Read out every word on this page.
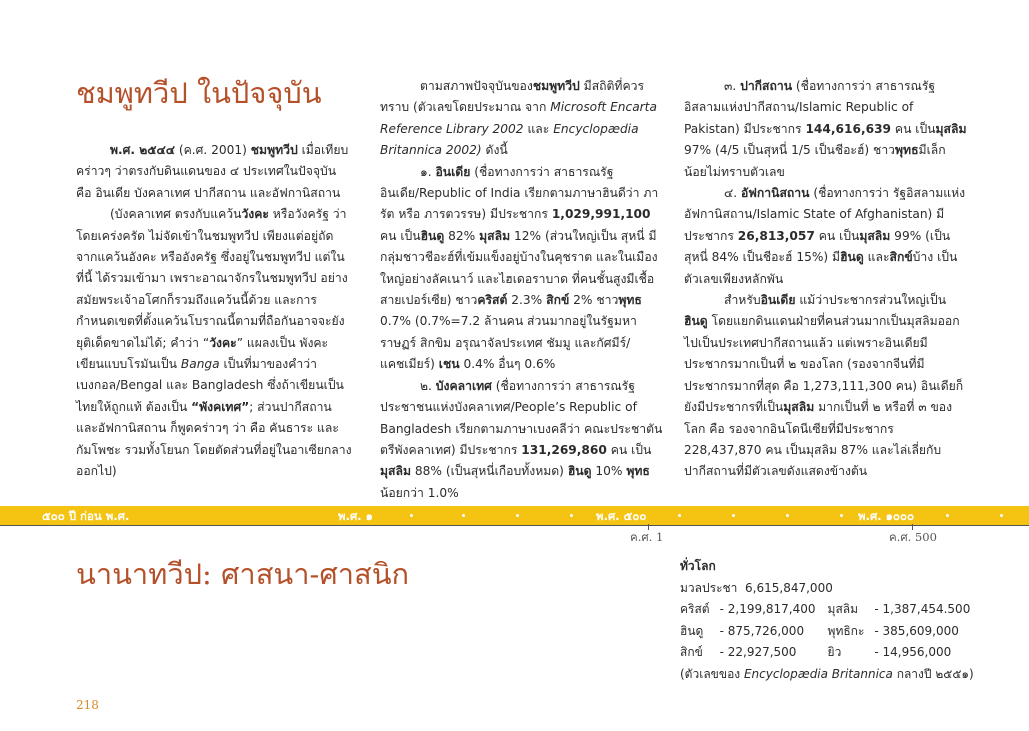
ชมพูทวีป ในปัจจุบัน

พ.ศ. ๒๕๔๔ (ค.ศ. 2001) ชมพูทวีป เมื่อเทียบคร่าวๆ ว่าตรงกับดินแดนของ ๔ ประเทศในปัจจุบัน คือ อินเดีย บังคลาเทศ ปากีสถาน และอัฟกานิสถาน

(บังคลาเทศ ตรงกับแคว้นวังคะ หรือวังครัฐ ว่า โดยเคร่งครัด ไม่จัดเข้าในชมพูทวีป เพียงแต่อยู่ถัดจากแคว้นอังคะ หรืออังครัฐ ซึ่งอยู่ในชมพูทวีป แต่ในที่นี้ ได้รวมเข้ามา เพราะอาณาจักรในชมพูทวีป อย่างสมัยพระเจ้าอโศกก็รวมถึงแคว้นนี้ด้วย และการกำหนดเขตที่ตั้งแคว้นโบราณนี้ตามที่ถือกันอาจจะยังยุติเด็ดขาดไม่ได้; คำว่า “วังคะ” แผลงเป็น พังคะ เขียนแบบโรมันเป็น Banga เป็นที่มาของคำว่า เบงกอล/Bengal และ Bangladesh ซึ่งถ้าเขียนเป็นไทยให้ถูกแท้ ต้องเป็น “พังคเทศ”; ส่วนปากีสถาน และอัฟกานิสถาน ก็พูดคร่าวๆ ว่า คือ คันธาระ และกัมโพชะ รวมทั้งโยนก โดยตัดส่วนที่อยู่ในอาเซียกลางออกไป)

ตามสภาพปัจจุบันของชมพูทวีป มีสถิติที่ควรทราบ (ตัวเลขโดยประมาณ จาก Microsoft Encarta Reference Library 2002 และ Encyclopædia Britannica 2002) ดังนี้

๑. อินเดีย (ชื่อทางการว่า สาธารณรัฐอินเดีย/Republic of India เรียกตามภาษาฮินดีว่า ภารัต หรือ ภารตวรรษ) มีประชากร 1,029,991,100 คน เป็นฮินดู 82% มุสลิม 12% (ส่วนใหญ่เป็น สุหนี่ มีกลุ่มชาวชีอะฮ์ที่เข้มแข็งอยู่บ้างในคุชราต และในเมืองใหญ่อย่างลัคเนาว์ และไฮเดอราบาด ที่คนชั้นสูงมีเชื้อสายเปอร์เซีย) ชาวคริสต์ 2.3% สิกข์ 2% ชาวพุทธ 0.7% (0.7%=7.2 ล้านคน ส่วนมากอยู่ในรัฐมหาราษฏร์ สิกขิม อรุณาจัลประเทศ ชัมมู และกัศมีร์/แคชเมียร์) เชน 0.4% อื่นๆ 0.6%

๒. บังคลาเทศ (ชื่อทางการว่า สาธารณรัฐประชาชนแห่งบังคลาเทศ/People’s Republic of Bangladesh เรียกตามภาษาเบงคลีว่า คณะประชาตันตรีพังคลาเทศ) มีประชากร 131,269,860 คน เป็นมุสลิม 88% (เป็นสุหนี่เกือบทั้งหมด) ฮินดู 10% พุทธ น้อยกว่า 1.0%

๓. ปากีสถาน (ชื่อทางการว่า สาธารณรัฐอิสลามแห่งปากีสถาน/Islamic Republic of Pakistan) มีประชากร 144,616,639 คน เป็นมุสลิม 97% (4/5 เป็นสุหนี่ 1/5 เป็นชีอะฮ์) ชาวพุทธมีเล็กน้อยไม่ทราบตัวเลข

๔. อัฟกานิสถาน (ชื่อทางการว่า รัฐอิสลามแห่งอัฟกานิสถาน/Islamic State of Afghanistan) มีประชากร 26,813,057 คน เป็นมุสลิม 99% (เป็นสุหนี่ 84% เป็นชีอะฮ์ 15%) มีฮินดู และสิกข์บ้าง เป็นตัวเลขเพียงหลักพัน

สำหรับอินเดีย แม้ว่าประชากรส่วนใหญ่เป็นฮินดู โดยแยกดินแดนฝ่ายที่คนส่วนมากเป็นมุสลิมออกไปเป็นประเทศปากีสถานแล้ว แต่เพราะอินเดียมีประชากรมากเป็นที่ ๒ ของโลก (รองจากจีนที่มีประชากรมากที่สุด คือ 1,273,111,300 คน) อินเดียก็ยังมีประชากรที่เป็นมุสลิม มากเป็นที่ ๒ หรือที่ ๓ ของโลก คือ รองจากอินโดนีเซียที่มีประชากร 228,437,870 คน เป็นมุสลิม 87% และไล่เลี่ยกับปากีสถานที่มีตัวเลขดังแสดงข้างต้น

๕๐๐ ปี ก่อน พ.ศ.	พ.ศ. ๑	พ.ศ. ๕๐๐	พ.ศ. ๑๐๐๐
ค.ศ. 1	ค.ศ. 500
นานาทวีป: ศาสนา-ศาสนิก	ทั่วโลก
มวลประชา 6,615,847,000
คริสต์	- 2,199,817,400	มุสลิม	- 1,387,454.500
ฮินดู	- 875,726,000	พุทธิกะ	- 385,609,000
สิกข์	- 22,927,500	ยิว	- 14,956,000
(ตัวเลขของ Encyclopædia Britannica กลางปี ๒๕๕๑)
218
